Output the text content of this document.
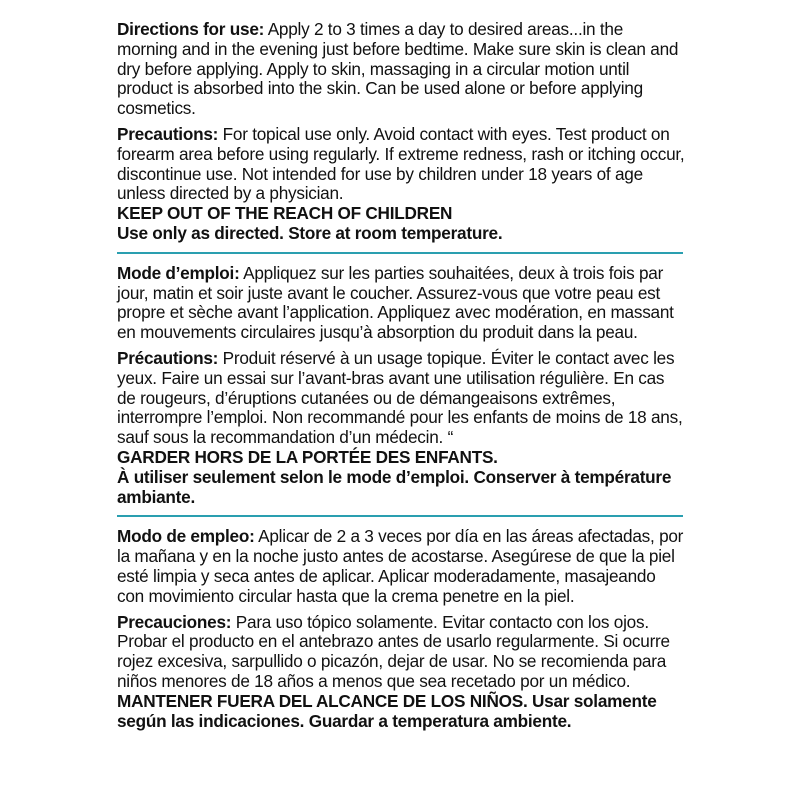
Directions for use: Apply 2 to 3 times a day to desired areas...in the morning and in the evening just before bedtime. Make sure skin is clean and dry before applying. Apply to skin, massaging in a circular motion until product is absorbed into the skin. Can be used alone or before applying cosmetics.

Precautions: For topical use only. Avoid contact with eyes. Test product on forearm area before using regularly. If extreme redness, rash or itching occur, discontinue use. Not intended for use by children under 18 years of age unless directed by a physician.

KEEP OUT OF THE REACH OF CHILDREN

Use only as directed. Store at room temperature.

Mode d’emploi: Appliquez sur les parties souhaitées, deux à trois fois par jour, matin et soir juste avant le coucher. Assurez-vous que votre peau est propre et sèche avant l’application. Appliquez avec modération, en massant en mouvements circulaires jusqu’à absorption du produit dans la peau.

Précautions: Produit réservé à un usage topique. Éviter le contact avec les yeux. Faire un essai sur l’avant-bras avant une utilisation régulière. En cas de rougeurs, d’éruptions cutanées ou de démangeaisons extrêmes, interrompre l’emploi. Non recommandé pour les enfants de moins de 18 ans, sauf sous la recommandation d’un médecin. “

GARDER HORS DE LA PORTÉE DES ENFANTS.

À utiliser seulement selon le mode d’emploi. Conserver à température ambiante.

Modo de empleo: Aplicar de 2 a 3 veces por día en las áreas afectadas, por la mañana y en la noche justo antes de acostarse. Asegúrese de que la piel esté limpia y seca antes de aplicar. Aplicar moderadamente, masajeando con movimiento circular hasta que la crema penetre en la piel.

Precauciones: Para uso tópico solamente. Evitar contacto con los ojos. Probar el producto en el antebrazo antes de usarlo regularmente. Si ocurre rojez excesiva, sarpullido o picazón, dejar de usar. No se recomienda para niños menores de 18 años a menos que sea recetado por un médico.

MANTENER FUERA DEL ALCANCE DE LOS NIÑOS. Usar solamente según las indicaciones. Guardar a temperatura ambiente.
